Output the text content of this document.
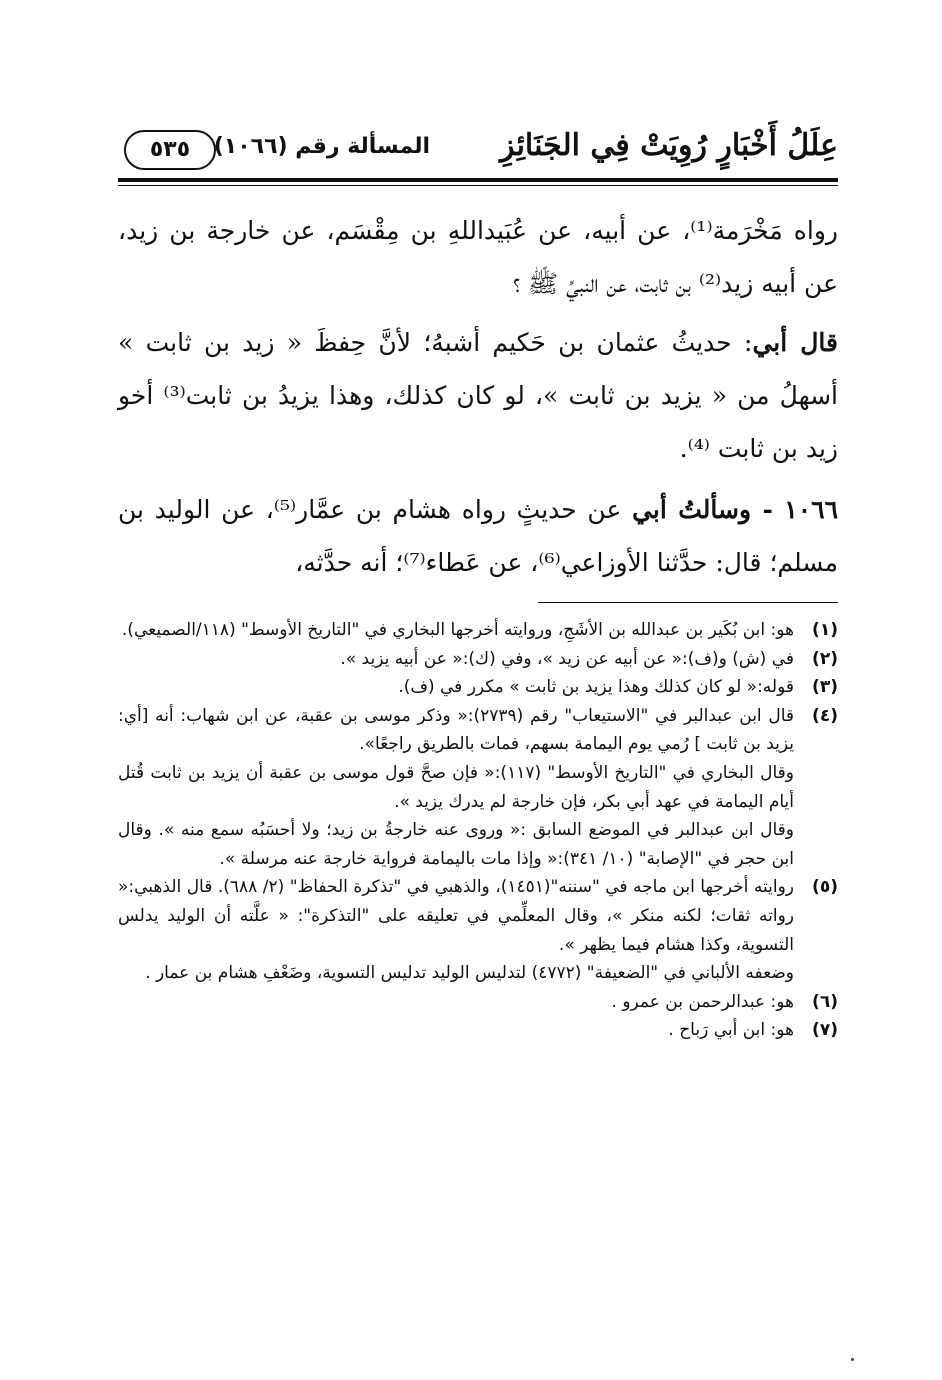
عِلَلُ أَخْبَارٍ رُوِيَتْ فِي الجَنَائِزِ
المسألة رقم (١٠٦٦)
٥٣٥

رواه مَخْرَمة⁽¹⁾، عن أبيه، عن عُبَيداللهِ بن مِقْسَم، عن خارجة بن زيد، عن أبيه زيد⁽²⁾ بن ثابت، عن النبيِّ ﷺ ؟

قال أبي: حديثُ عثمان بن حَكيم أشبهُ؛ لأنَّ حِفظَ « زيد بن ثابت » أسهلُ من « يزيد بن ثابت »، لو كان كذلك، وهذا يزيدُ بن ثابت⁽³⁾ أخو زيد بن ثابت ⁽⁴⁾.

١٠٦٦ - وسألتُ أبي عن حديثٍ رواه هشام بن عمَّار⁽⁵⁾، عن الوليد بن مسلم؛ قال: حدَّثنا الأوزاعي⁽⁶⁾، عن عَطاء⁽⁷⁾؛ أنه حدَّثه،

(١)
هو: ابن بُكَير بن عبدالله بن الأشَجِ، وروايته أخرجها البخاري في "التاريخ الأوسط" (١١٨/الصميعي).
(٢)
في (ش) و(ف):« عن أبيه عن زيد »، وفي (ك):« عن أبيه يزيد ».
(٣)
قوله:« لو كان كذلك وهذا يزيد بن ثابت » مكرر في (ف).
(٤)
قال ابن عبدالبر في "الاستيعاب" رقم (٢٧٣٩):« وذكر موسى بن عقبة، عن ابن شهاب: أنه [أي: يزيد بن ثابت ] رُمي يوم اليمامة بسهم، فمات بالطريق راجعًا».
وقال البخاري في "التاريخ الأوسط" (١١٧):« فإن صحَّ قول موسى بن عقبة أن يزيد بن ثابت قُتل أيام اليمامة في عهد أبي بكر، فإن خارجة لم يدرك يزيد ».
وقال ابن عبدالبر في الموضع السابق :« وروى عنه خارجةُ بن زيد؛ ولا أحسَبُه سمع منه ». وقال ابن حجر في "الإصابة" (١٠/ ٣٤١):« وإذا مات باليمامة فرواية خارجة عنه مرسلة ».
(٥)
روايته أخرجها ابن ماجه في "سننه"(١٤٥١)، والذهبي في "تذكرة الحفاظ" (٢/ ٦٨٨). قال الذهبي:« رواته ثقات؛ لكنه منكر »، وقال المعلِّمي في تعليقه على "التذكرة": « علَّته أن الوليد يدلس التسوية، وكذا هشام فيما يظهر ».
وضعفه الألباني في "الضعيفة" (٤٧٧٢) لتدليس الوليد تدليس التسوية، وضَعْفِ هشام بن عمار .
(٦)
هو: عبدالرحمن بن عمرو .
(٧)
هو: ابن أبي رَباح .
